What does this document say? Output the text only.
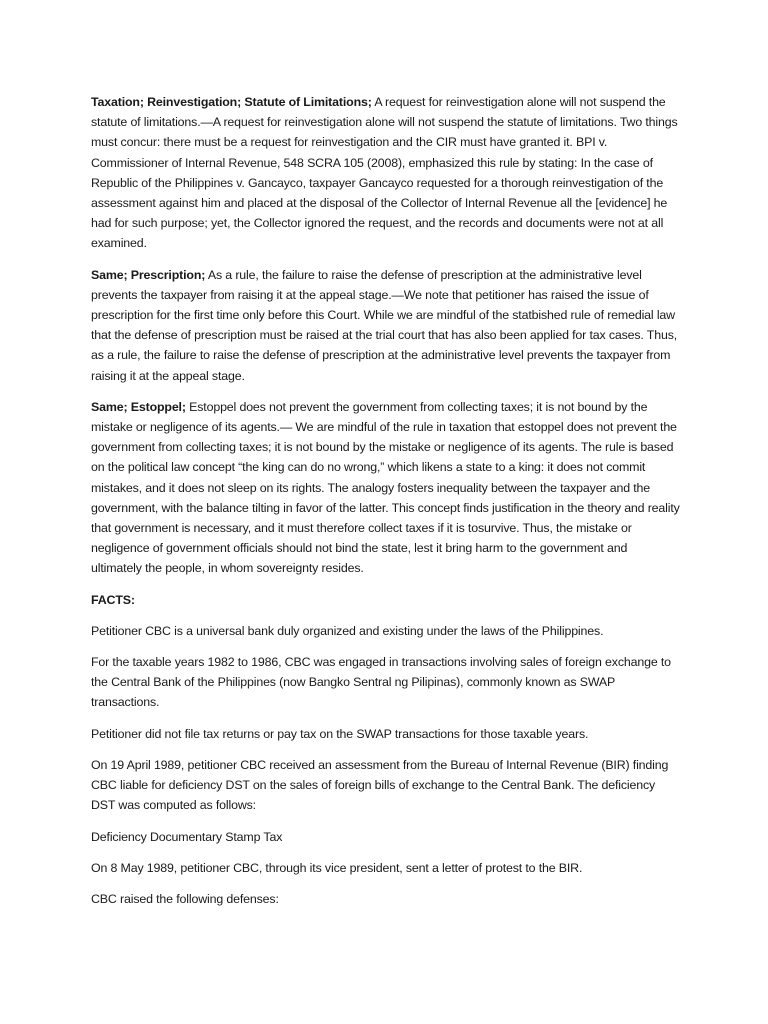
Taxation; Reinvestigation; Statute of Limitations; A request for reinvestigation alone will not suspend the statute of limitations.—A request for reinvestigation alone will not suspend the statute of limitations. Two things must concur: there must be a request for reinvestigation and the CIR must have granted it. BPI v. Commissioner of Internal Revenue, 548 SCRA 105 (2008), emphasized this rule by stating: In the case of Republic of the Philippines v. Gancayco, taxpayer Gancayco requested for a thorough reinvestigation of the assessment against him and placed at the disposal of the Collector of Internal Revenue all the [evidence] he had for such purpose; yet, the Collector ignored the request, and the records and documents were not at all examined.

Same; Prescription; As a rule, the failure to raise the defense of prescription at the administrative level prevents the taxpayer from raising it at the appeal stage.—We note that petitioner has raised the issue of prescription for the first time only before this Court. While we are mindful of the statbished rule of remedial law that the defense of prescription must be raised at the trial court that has also been applied for tax cases. Thus, as a rule, the failure to raise the defense of prescription at the administrative level prevents the taxpayer from raising it at the appeal stage.

Same; Estoppel; Estoppel does not prevent the government from collecting taxes; it is not bound by the mistake or negligence of its agents.— We are mindful of the rule in taxation that estoppel does not prevent the government from collecting taxes; it is not bound by the mistake or negligence of its agents. The rule is based on the political law concept “the king can do no wrong,” which likens a state to a king: it does not commit mistakes, and it does not sleep on its rights. The analogy fosters inequality between the taxpayer and the government, with the balance tilting in favor of the latter. This concept finds justification in the theory and reality that government is necessary, and it must therefore collect taxes if it is tosurvive. Thus, the mistake or negligence of government officials should not bind the state, lest it bring harm to the government and ultimately the people, in whom sovereignty resides.

FACTS:

Petitioner CBC is a universal bank duly organized and existing under the laws of the Philippines.

For the taxable years 1982 to 1986, CBC was engaged in transactions involving sales of foreign exchange to the Central Bank of the Philippines (now Bangko Sentral ng Pilipinas), commonly known as SWAP transactions.

Petitioner did not file tax returns or pay tax on the SWAP transactions for those taxable years.

On 19 April 1989, petitioner CBC received an assessment from the Bureau of Internal Revenue (BIR) finding CBC liable for deficiency DST on the sales of foreign bills of exchange to the Central Bank. The deficiency DST was computed as follows:

Deficiency Documentary Stamp Tax

On 8 May 1989, petitioner CBC, through its vice president, sent a letter of protest to the BIR.

CBC raised the following defenses:
